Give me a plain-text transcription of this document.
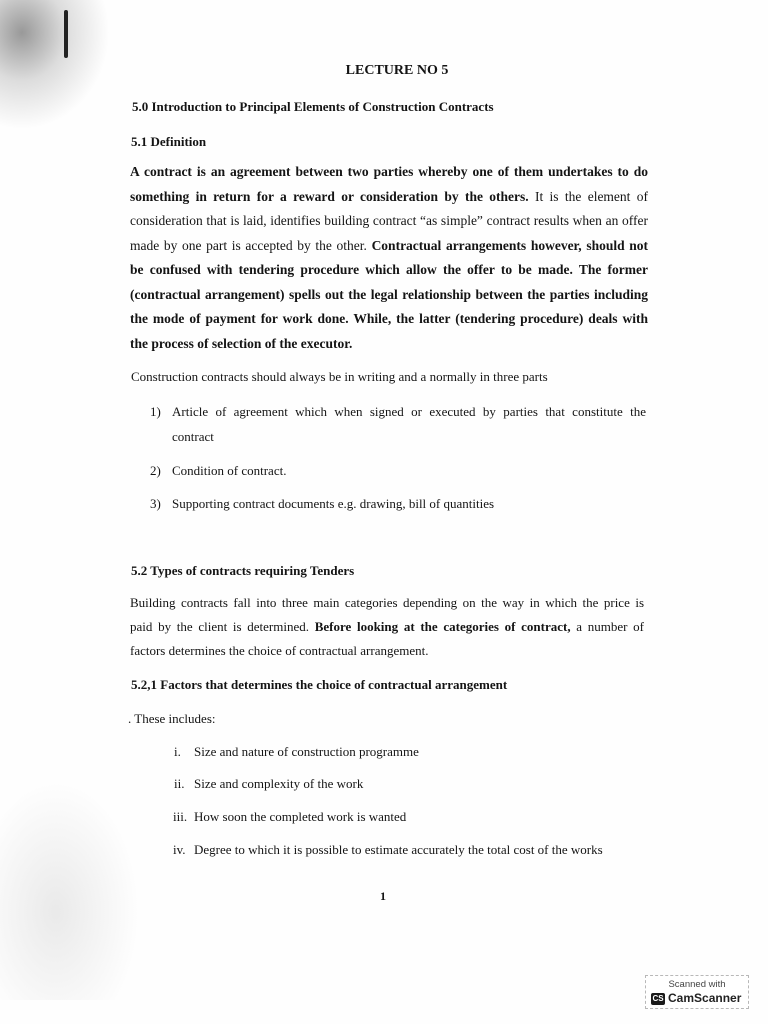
LECTURE NO 5
5.0 Introduction to Principal Elements of Construction Contracts
5.1 Definition
A contract is an agreement between two parties whereby one of them undertakes to do
something in return for a reward or consideration by the others. It is the element of
consideration that is laid, identifies building contract “as simple” contract results when an offer
made by one part is accepted by the other. Contractual arrangements however, should not
be confused with tendering procedure which allow the offer to be made. The former
(contractual arrangement) spells out the legal relationship between the parties including
the mode of payment for work done. While, the latter (tendering procedure) deals with
the process of selection of the executor.
Construction contracts should always be in writing and a normally in three parts
1) Article of agreement which when signed or executed by parties that constitute the
contract
2) Condition of contract.
3) Supporting contract documents e.g. drawing, bill of quantities
5.2 Types of contracts requiring Tenders
Building contracts fall into three main categories depending on the way in which the price is
paid by the client is determined. Before looking at the categories of contract, a number of
factors determines the choice of contractual arrangement.
5.2,1 Factors that determines the choice of contractual arrangement
. These includes:
i. Size and nature of construction programme
ii. Size and complexity of the work
iii. How soon the completed work is wanted
iv. Degree to which it is possible to estimate accurately the total cost of the works
1
Scanned with
CS CamScanner
